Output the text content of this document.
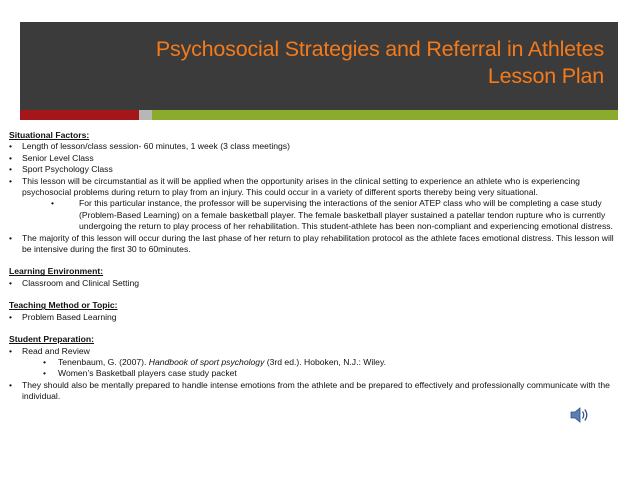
Psychosocial Strategies and Referral in Athletes
Lesson Plan
Situational Factors:
• Length of lesson/class session- 60 minutes, 1 week (3 class meetings)
• Senior Level Class
• Sport Psychology Class
• This lesson will be circumstantial as it will be applied when the opportunity arises in the clinical setting to experience an athlete who is experiencing psychosocial problems during return to play from an injury. This could occur in a variety of different sports thereby being very situational.
•	For this particular instance, the professor will be supervising the interactions of the senior ATEP class who will be completing a case study (Problem-Based Learning) on a female basketball player. The female basketball player sustained a patellar tendon rupture who is currently undergoing the return to play process of her rehabilitation. This student-athlete has been non-compliant and experiencing emotional distress.
• The majority of this lesson will occur during the last phase of her return to play rehabilitation protocol as the athlete faces emotional distress. This lesson will be intensive during the first 30 to 60minutes.
Learning Environment:
• Classroom and Clinical Setting
Teaching Method or Topic:
• Problem Based Learning
Student Preparation:
• Read and Review
• Tenenbaum, G. (2007). Handbook of sport psychology (3rd ed.). Hoboken, N.J.: Wiley.
• Women’s Basketball players case study packet
• They should also be mentally prepared to handle intense emotions from the athlete and be prepared to effectively and professionally communicate with the individual.
